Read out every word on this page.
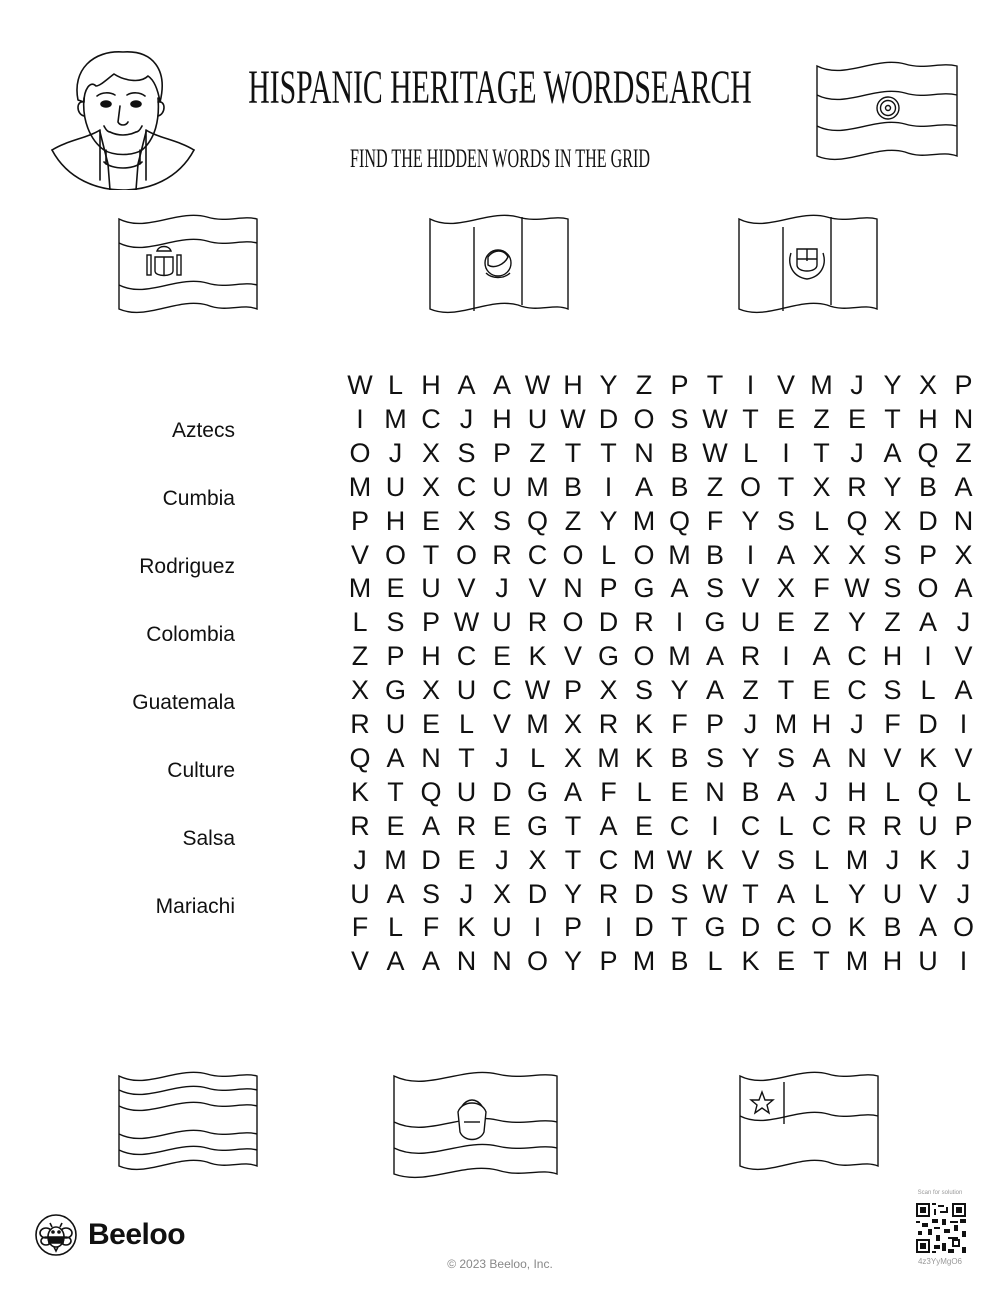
HISPANIC HERITAGE WORDSEARCH
FIND THE HIDDEN WORDS IN THE GRID
Aztecs
Cumbia
Rodriguez
Colombia
Guatemala
Culture
Salsa
Mariachi
W L H A A W H Y Z P T I V M J Y X P
I M C J H U W D O S W T E Z E T H N
O J X S P Z T T N B W L I T J A Q Z
M U X C U M B I A B Z O T X R Y B A
P H E X S Q Z Y M Q F Y S L Q X D N
V O T O R C O L O M B I A X X S P X
M E U V J V N P G A S V X F W S O A
L S P W U R O D R I G U E Z Y Z A J
Z P H C E K V G O M A R I A C H I V
X G X U C W P X S Y A Z T E C S L A
R U E L V M X R K F P J M H J F D I
Q A N T J L X M K B S Y S A N V K V
K T Q U D G A F L E N B A J H L Q L
R E A R E G T A E C I C L C R R U P
J M D E J X T C M W K V S L M J K J
U A S J X D Y R D S W T A L Y U V J
F L F K U I P I D T G D C O K B A O
V A A N N O Y P M B L K E T M H U I
Beeloo
© 2023 Beeloo, Inc.
Scan for solution
4z3YyMgO6
